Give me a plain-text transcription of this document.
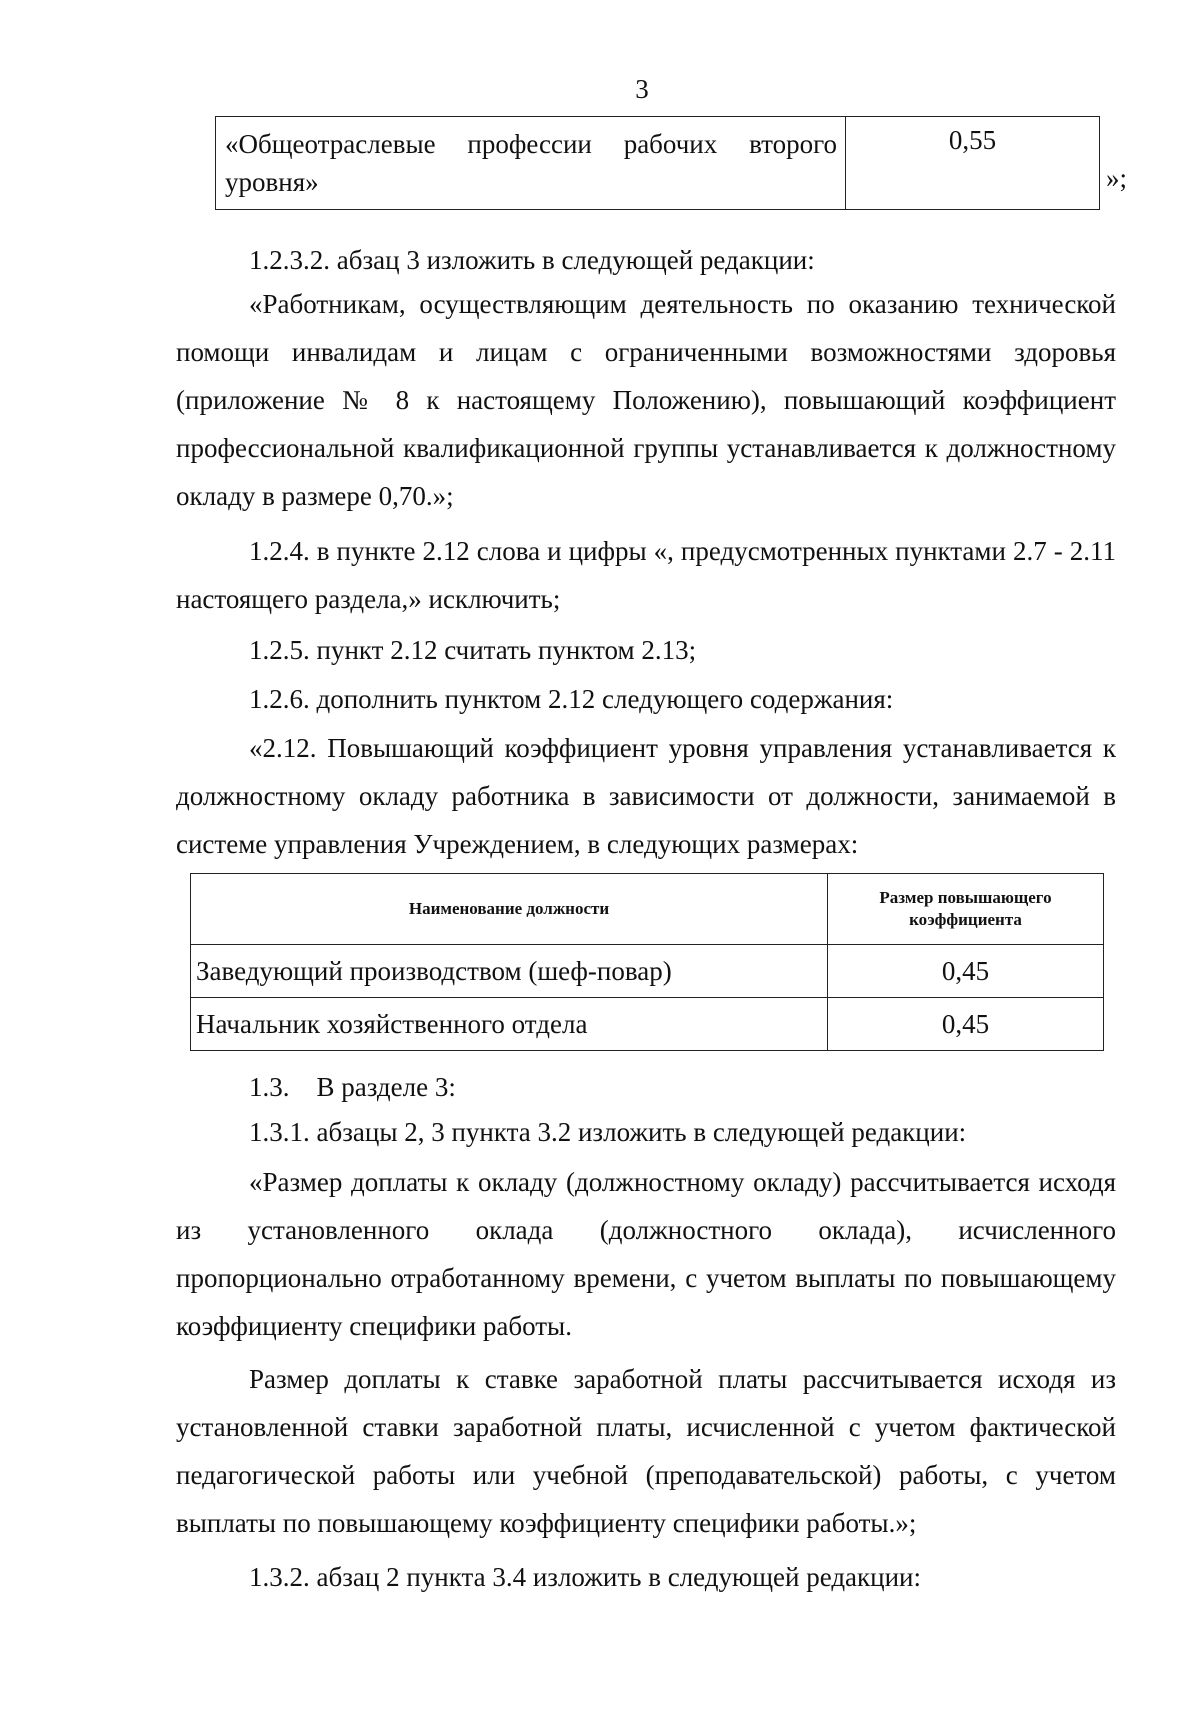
3
«Общеотраслевые профессии рабочих второго уровня»	0,55
»;

1.2.3.2. абзац 3 изложить в следующей редакции:

«Работникам, осуществляющим деятельность по оказанию технической помощи инвалидам и лицам с ограниченными возможностями здоровья (приложение № 8 к настоящему Положению), повышающий коэффициент профессиональной квалификационной группы устанавливается к должностному окладу в размере 0,70.»;

1.2.4. в пункте 2.12 слова и цифры «, предусмотренных пунктами 2.7 - 2.11 настоящего раздела,» исключить;

1.2.5. пункт 2.12 считать пунктом 2.13;

1.2.6. дополнить пунктом 2.12 следующего содержания:

«2.12. Повышающий коэффициент уровня управления устанавливается к должностному окладу работника в зависимости от должности, занимаемой в системе управления Учреждением, в следующих размерах:

Наименование должности	Размер повышающего коэффициента
Заведующий производством (шеф-повар)	0,45
Начальник хозяйственного отдела	0,45

1.3.    В разделе 3:

1.3.1. абзацы 2, 3 пункта 3.2 изложить в следующей редакции:

«Размер доплаты к окладу (должностному окладу) рассчитывается исходя из установленного оклада (должностного оклада), исчисленного пропорционально отработанному времени, с учетом выплаты по повышающему коэффициенту специфики работы.

Размер доплаты к ставке заработной платы рассчитывается исходя из установленной ставки заработной платы, исчисленной с учетом фактической педагогической работы или учебной (преподавательской) работы, с учетом выплаты по повышающему коэффициенту специфики работы.»;

1.3.2. абзац 2 пункта 3.4 изложить в следующей редакции:
